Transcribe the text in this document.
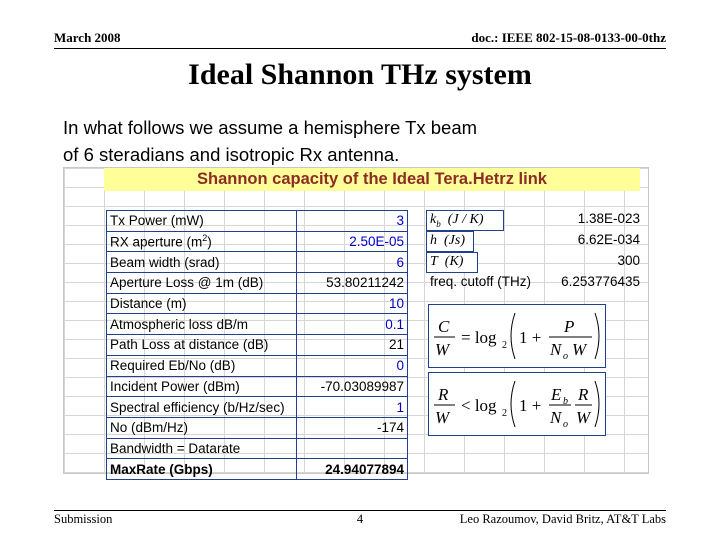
March 2008	doc.: IEEE 802-15-08-0133-00-0thz
Ideal Shannon THz system
In what follows we assume a hemisphere Tx beam
of 6 steradians and isotropic Rx antenna.
Shannon capacity of the Ideal Tera.Hetrz link
Tx Power (mW)	3
RX aperture $(m^2)$	2.50E-05
Beam width (srad)	6
Aperture Loss @ 1m (dB)	53.80211242
Distance (m)	10
Atmospheric loss dB/m	0.1
Path Loss at distance (dB)	21
Required Eb/No (dB)	0
Incident Power (dBm)	-70.03089987
Spectral efficiency (b/Hz/sec)	1
No (dBm/Hz)	-174
Bandwidth = Datarate	
MaxRate (Gbps)	24.94077894
$k_b$  (J / K)	1.38E-023
h  (Js)	6.62E-034
T  (K)	300
freq. cutoff (THz)	6.253776435
C
W
= log 2 1 +
P
N o W
R
W
< log 2 1 +
E b
N o
R
W
Submission	4	Leo Razoumov, David Britz, AT&T Labs
